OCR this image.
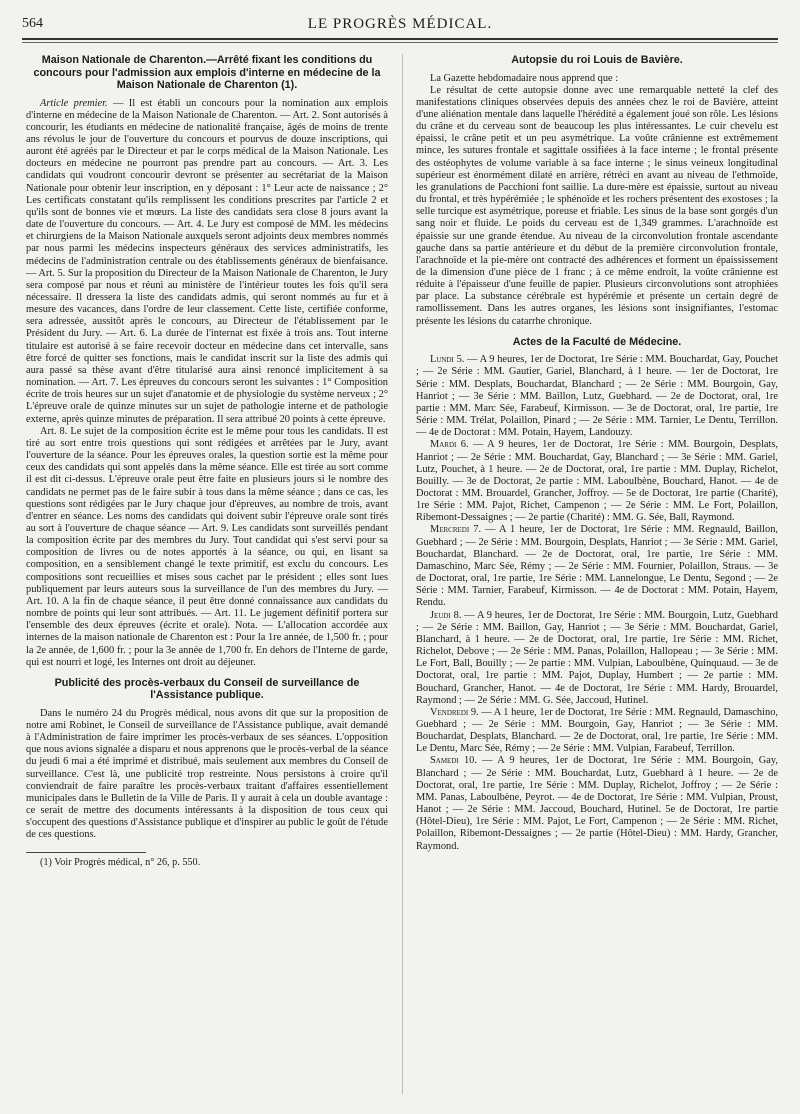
564	LE PROGRÈS MÉDICAL.

Maison Nationale de Charenton.—Arrêté fixant les conditions du concours pour l'admission aux emplois d'interne en médecine de la Maison Nationale de Charenton (1).

Article premier. — Il est établi un concours pour la nomination aux emplois d'interne en médecine de la Maison Nationale de Charenton. — Art. 2. Sont autorisés à concourir, les étudiants en médecine de nationalité française, âgés de moins de trente ans révolus le jour de l'ouverture du concours et pourvus de douze inscriptions, qui auront été agréés par le Directeur et par le corps médical de la Maison Nationale. Les docteurs en médecine ne pourront pas prendre part au concours. — Art. 3. Les candidats qui voudront concourir devront se présenter au secrétariat de la Maison Nationale pour obtenir leur inscription, en y déposant : 1° Leur acte de naissance ; 2° Les certificats constatant qu'ils remplissent les conditions prescrites par l'article 2 et qu'ils sont de bonnes vie et mœurs. La liste des candidats sera close 8 jours avant la date de l'ouverture du concours. — Art. 4. Le Jury est composé de MM. les médecins et chirurgiens de la Maison Nationale auxquels seront adjoints deux membres nommés par nous parmi les médecins inspecteurs généraux des services administratifs, les médecins de l'administration centrale ou des établissements généraux de bienfaisance. — Art. 5. Sur la proposition du Directeur de la Maison Nationale de Charenton, le Jury sera composé par nous et réuni au ministère de l'intérieur toutes les fois qu'il sera nécessaire. Il dressera la liste des candidats admis, qui seront nommés au fur et à mesure des vacances, dans l'ordre de leur classement. Cette liste, certifiée conforme, sera adressée, aussitôt après le concours, au Directeur de l'établissement par le Président du Jury. — Art. 6. La durée de l'internat est fixée à trois ans. Tout interne titulaire est autorisé à se faire recevoir docteur en médecine dans cet intervalle, sans être forcé de quitter ses fonctions, mais le candidat inscrit sur la liste des admis qui aura passé sa thèse avant d'être titularisé aura ainsi renoncé implicitement à sa nomination. — Art. 7. Les épreuves du concours seront les suivantes : 1° Composition écrite de trois heures sur un sujet d'anatomie et de physiologie du système nerveux ; 2° L'épreuve orale de quinze minutes sur un sujet de pathologie interne et de pathologie externe, après quinze minutes de préparation. Il sera attribué 20 points à cette épreuve.

Art. 8. Le sujet de la composition écrite est le même pour tous les candidats. Il est tiré au sort entre trois questions qui sont rédigées et arrêtées par le Jury, avant l'ouverture de la séance. Pour les épreuves orales, la question sortie est la même pour ceux des candidats qui sont appelés dans la même séance. Elle est tirée au sort comme il est dit ci-dessus. L'épreuve orale peut être faite en plusieurs jours si le nombre des candidats ne permet pas de le faire subir à tous dans la même séance ; dans ce cas, les questions sont rédigées par le Jury chaque jour d'épreuves, au nombre de trois, avant d'entrer en séance. Les noms des candidats qui doivent subir l'épreuve orale sont tirés au sort à l'ouverture de chaque séance — Art. 9. Les candidats sont surveillés pendant la composition écrite par des membres du Jury. Tout candidat qui s'est servi pour sa composition de livres ou de notes apportés à la séance, ou qui, en lisant sa composition, en a sensiblement changé le texte primitif, est exclu du concours. Les compositions sont recueillies et mises sous cachet par le président ; elles sont lues publiquement par leurs auteurs sous la surveillance de l'un des membres du Jury. — Art. 10. A la fin de chaque séance, il peut être donné connaissance aux candidats du nombre de points qui leur sont attribués. — Art. 11. Le jugement définitif portera sur l'ensemble des deux épreuves (écrite et orale). Nota. — L'allocation accordée aux internes de la maison nationale de Charenton est : Pour la 1re année, de 1,500 fr. ; pour la 2e année, de 1,600 fr. ; pour la 3e année de 1,700 fr. En dehors de l'Interne de garde, qui est nourri et logé, les Internes ont droit au déjeuner.

Publicité des procès-verbaux du Conseil de surveillance de l'Assistance publique.

Dans le numéro 24 du Progrès médical, nous avons dit que sur la proposition de notre ami Robinet, le Conseil de surveillance de l'Assistance publique, avait demandé à l'Administration de faire imprimer les procès-verbaux de ses séances. L'opposition que nous avions signalée a disparu et nous apprenons que le procès-verbal de la séance du jeudi 6 mai a été imprimé et distribué, mais seulement aux membres du Conseil de surveillance. C'est là, une publicité trop restreinte. Nous persistons à croire qu'il conviendrait de faire paraître les procès-verbaux traitant d'affaires essentiellement municipales dans le Bulletin de la Ville de Paris. Il y aurait à cela un double avantage : ce serait de mettre des documents intéressants à la disposition de tous ceux qui s'occupent des questions d'Assistance publique et d'inspirer au public le goût de l'étude de ces questions.

(1) Voir Progrès médical, n° 26, p. 550.

Autopsie du roi Louis de Bavière.

La Gazette hebdomadaire nous apprend que :

Le résultat de cette autopsie donne avec une remarquable netteté la clef des manifestations cliniques observées depuis des années chez le roi de Bavière, atteint d'une aliénation mentale dans laquelle l'hérédité a également joué son rôle. Les lésions du crâne et du cerveau sont de beaucoup les plus intéressantes. Le cuir chevelu est épaissi, le crâne petit et un peu asymétrique. La voûte crânienne est extrêmement mince, les sutures frontale et sagittale ossifiées à la face interne ; le frontal présente des ostéophytes de volume variable à sa face interne ; le sinus veineux longitudinal supérieur est énormément dilaté en arrière, rétréci en avant au niveau de l'ethmoïde, les granulations de Pacchioni font saillie. La dure-mère est épaissie, surtout au niveau du frontal, et très hypérémiée ; le sphénoïde et les rochers présentent des exostoses ; la selle turcique est asymétrique, poreuse et friable. Les sinus de la base sont gorgés d'un sang noir et fluide. Le poids du cerveau est de 1,349 grammes. L'arachnoïde est épaissie sur une grande étendue. Au niveau de la circonvolution frontale ascendante gauche dans sa partie antérieure et du début de la première circonvolution frontale, l'arachnoïde et la pie-mère ont contracté des adhérences et forment un épaississement de la dimension d'une pièce de 1 franc ; à ce même endroit, la voûte crânienne est réduite à l'épaisseur d'une feuille de papier. Plusieurs circonvolutions sont atrophiées par place. La substance cérébrale est hypérémie et présente un certain degré de ramollissement. Dans les autres organes, les lésions sont insignifiantes, l'estomac présente les lésions du catarrhe chronique.

Actes de la Faculté de Médecine.

Lundi 5. — A 9 heures, 1er de Doctorat, 1re Série : MM. Bouchardat, Gay, Pouchet ; — 2e Série : MM. Gautier, Gariel, Blanchard, à 1 heure. — 1er de Doctorat, 1re Série : MM. Desplats, Bouchardat, Blanchard ; — 2e Série : MM. Bourgoin, Gay, Hanriot ; — 3e Série : MM. Baillon, Lutz, Guebhard. — 2e de Doctorat, oral, 1re partie : MM. Marc Sée, Farabeuf, Kirmisson. — 3e de Doctorat, oral, 1re partie, 1re Série : MM. Trélat, Polaillon, Pinard ; — 2e Série : MM. Tarnier, Le Dentu, Terrillon. — 4e de Doctorat : MM. Potain, Hayem, Landouzy.

Mardi 6. — A 9 heures, 1er de Doctorat, 1re Série : MM. Bourgoin, Desplats, Hanriot ; — 2e Série : MM. Bouchardat, Gay, Blanchard ; — 3e Série : MM. Gariel, Lutz, Pouchet, à 1 heure. — 2e de Doctorat, oral, 1re partie : MM. Duplay, Richelot, Bouilly. — 3e de Doctorat, 2e partie : MM. Laboulbène, Bouchard, Hanot. — 4e de Doctorat : MM. Brouardel, Grancher, Joffroy. — 5e de Doctorat, 1re partie (Charité), 1re Série : MM. Pajot, Richet, Campenon ; — 2e Série : MM. Le Fort, Polaillon, Ribemont-Dessaignes ; — 2e partie (Charité) : MM. G. Sée, Ball, Raymond.

Mercredi 7. — A 1 heure, 1er de Doctorat, 1re Série : MM. Regnauld, Baillon, Guebhard ; — 2e Série : MM. Bourgoin, Desplats, Hanriot ; — 3e Série : MM. Gariel, Bouchardat, Blanchard. — 2e de Doctorat, oral, 1re partie, 1re Série : MM. Damaschino, Marc Sée, Rémy ; — 2e Série : MM. Fournier, Polaillon, Straus. — 3e de Doctorat, oral, 1re partie, 1re Série : MM. Lannelongue, Le Dentu, Segond ; — 2e Série : MM. Tarnier, Farabeuf, Kirmisson. — 4e de Doctorat : MM. Potain, Hayem, Rendu.

Jeudi 8. — A 9 heures, 1er de Doctorat, 1re Série : MM. Bourgoin, Lutz, Guebhard ; — 2e Série : MM. Baillon, Gay, Hanriot ; — 3e Série : MM. Bouchardat, Gariel, Blanchard, à 1 heure. — 2e de Doctorat, oral, 1re partie, 1re Série : MM. Richet, Richelot, Debove ; — 2e Série : MM. Panas, Polaillon, Hallopeau ; — 3e Série : MM. Le Fort, Ball, Bouilly ; — 2e partie : MM. Vulpian, Laboulbène, Quinquaud. — 3e de Doctorat, oral, 1re partie : MM. Pajot, Duplay, Humbert ; — 2e partie : MM. Bouchard, Grancher, Hanot. — 4e de Doctorat, 1re Série : MM. Hardy, Brouardel, Raymond ; — 2e Série : MM. G. Sée, Jaccoud, Hutinel.

Vendredi 9. — A 1 heure, 1er de Doctorat, 1re Série : MM. Regnauld, Damaschino, Guebhard ; — 2e Série : MM. Bourgoin, Gay, Hanriot ; — 3e Série : MM. Bouchardat, Desplats, Blanchard. — 2e de Doctorat, oral, 1re partie, 1re Série : MM. Le Dentu, Marc Sée, Rémy ; — 2e Série : MM. Vulpian, Farabeuf, Terrillon.

Samedi 10. — A 9 heures, 1er de Doctorat, 1re Série : MM. Bourgoin, Gay, Blanchard ; — 2e Série : MM. Bouchardat, Lutz, Guebhard à 1 heure. — 2e de Doctorat, oral, 1re partie, 1re Série : MM. Duplay, Richelot, Joffroy ; — 2e Série : MM. Panas, Laboulbène, Peyrot. — 4e de Doctorat, 1re Série : MM. Vulpian, Proust, Hanot ; — 2e Série : MM. Jaccoud, Bouchard, Hutinel. 5e de Doctorat, 1re partie (Hôtel-Dieu), 1re Série : MM. Pajot, Le Fort, Campenon ; — 2e Série : MM. Richet, Polaillon, Ribemont-Dessaignes ; — 2e partie (Hôtel-Dieu) : MM. Hardy, Grancher, Raymond.
